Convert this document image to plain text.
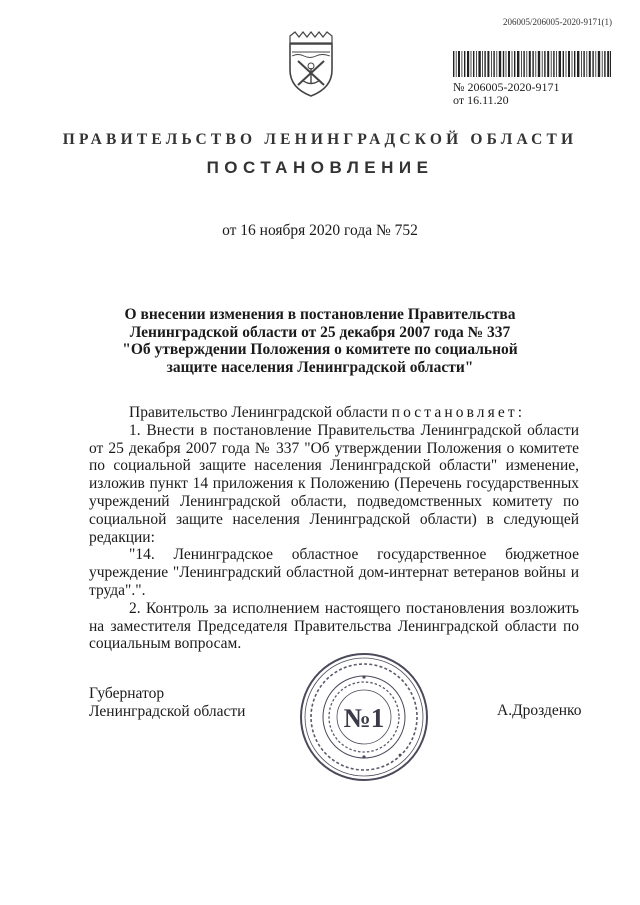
206005/206005-2020-9171(1)
№ 206005-2020-9171
от 16.11.20
ПРАВИТЕЛЬСТВО ЛЕНИНГРАДСКОЙ ОБЛАСТИ
ПОСТАНОВЛЕНИЕ
от 16 ноября 2020 года № 752
О внесении изменения в постановление Правительства
Ленинградской области от 25 декабря 2007 года № 337
"Об утверждении Положения о комитете по социальной
защите населения Ленинградской области"

Правительство Ленинградской области постановляет:

1. Внести в постановление Правительства Ленинградской области от 25 декабря 2007 года № 337 "Об утверждении Положения о комитете по социальной защите населения Ленинградской области" изменение, изложив пункт 14 приложения к Положению (Перечень государственных учреждений Ленинградской области, подведомственных комитету по социальной защите населения Ленинградской области) в следующей редакции:

"14. Ленинградское областное государственное бюджетное учреждение "Ленинградский областной дом-интернат ветеранов войны и труда".".

2. Контроль за исполнением настоящего постановления возложить на заместителя Председателя Правительства Ленинградской области по социальным вопросам.

Губернатор
Ленинградской области	№1	А.Дрозденко
